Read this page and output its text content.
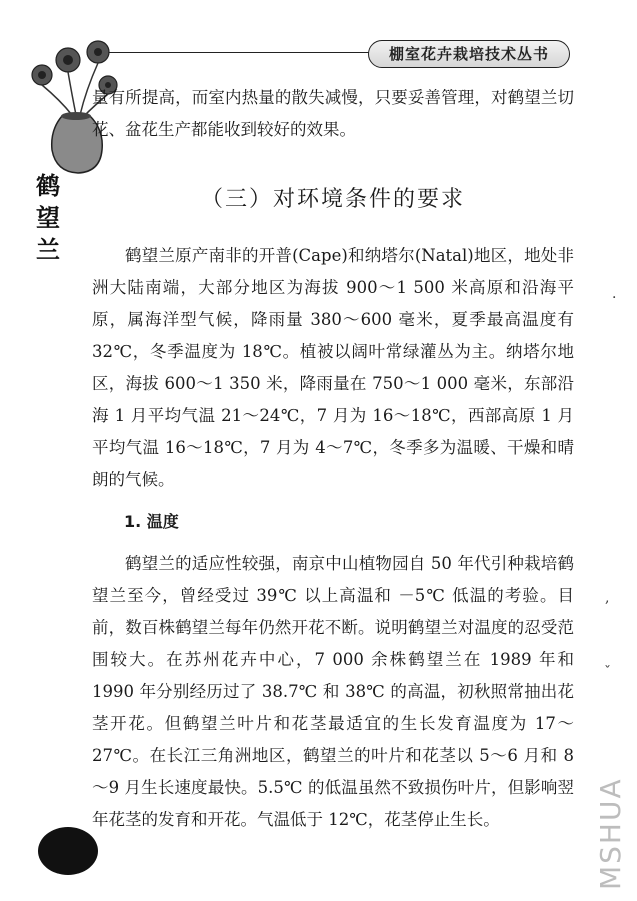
棚室花卉栽培技术丛书
鹤
望
兰

量有所提高，而室内热量的散失减慢，只要妥善管理，对鹤望兰切花、盆花生产都能收到较好的效果。

（三）对环境条件的要求

鹤望兰原产南非的开普(Cape)和纳塔尔(Natal)地区，地处非洲大陆南端，大部分地区为海拔 900～1 500 米高原和沿海平原，属海洋型气候，降雨量 380～600 毫米，夏季最高温度有 32℃，冬季温度为 18℃。植被以阔叶常绿灌丛为主。纳塔尔地区，海拔 600～1 350 米，降雨量在 750～1 000 毫米，东部沿海 1 月平均气温 21～24℃，7 月为 16～18℃，西部高原 1 月平均气温 16～18℃，7 月为 4～7℃，冬季多为温暖、干燥和晴朗的气候。

1. 温度

鹤望兰的适应性较强，南京中山植物园自 50 年代引种栽培鹤望兰至今，曾经受过 39℃ 以上高温和 －5℃ 低温的考验。目前，数百株鹤望兰每年仍然开花不断。说明鹤望兰对温度的忍受范围较大。在苏州花卉中心，7 000 余株鹤望兰在 1989 年和 1990 年分别经历过了 38.7℃ 和 38℃ 的高温，初秋照常抽出花茎开花。但鹤望兰叶片和花茎最适宜的生长发育温度为 17～27℃。在长江三角洲地区，鹤望兰的叶片和花茎以 5～6 月和 8～9 月生长速度最快。5.5℃ 的低温虽然不致损伤叶片，但影响翌年花茎的发育和开花。气温低于 12℃，花茎停止生长。

·
,
ˇ
MSHUA
